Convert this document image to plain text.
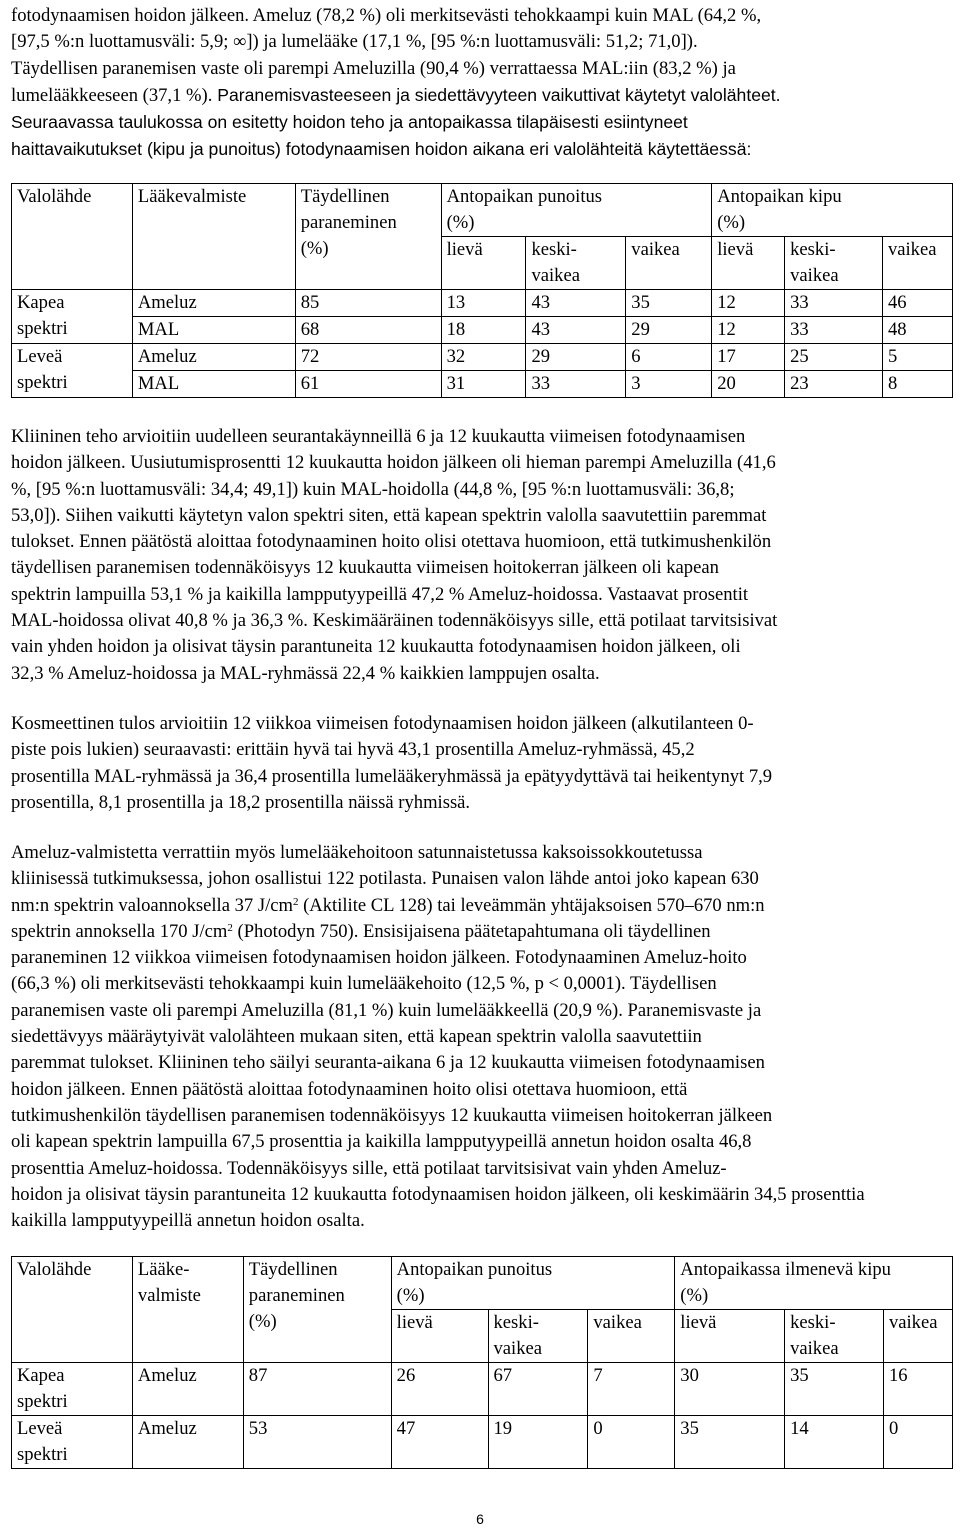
fotodynaamisen hoidon jälkeen. Ameluz (78,2 %) oli merkitsevästi tehokkaampi kuin MAL (64,2 %,
[97,5 %:n luottamusväli: 5,9; ∞]) ja lumelääke (17,1 %, [95 %:n luottamusväli: 51,2; 71,0]).
Täydellisen paranemisen vaste oli parempi Ameluzilla (90,4 %) verrattaessa MAL:iin (83,2 %) ja
lumelääkkeeseen (37,1 %). Paranemisvasteeseen ja siedettävyyteen vaikuttivat käytetyt valolähteet.
Seuraavassa taulukossa on esitetty hoidon teho ja antopaikassa tilapäisesti esiintyneet
haittavaikutukset (kipu ja punoitus) fotodynaamisen hoidon aikana eri valolähteitä käytettäessä:

Valolähde	Lääkevalmiste	Täydellinen
paraneminen
(%)	Antopaikan punoitus
(%)			Antopaikan kipu
(%)		
			lievä	keski-
vaikea	vaikea	lievä	keski-
vaikea	vaikea
Kapea
spektri	Ameluz	85	13	43	35	12	33	46
	MAL	68	18	43	29	12	33	48
Leveä
spektri	Ameluz	72	32	29	6	17	25	5
	MAL	61	31	33	3	20	23	8

Kliininen teho arvioitiin uudelleen seurantakäynneillä 6 ja 12 kuukautta viimeisen fotodynaamisen
hoidon jälkeen. Uusiutumisprosentti 12 kuukautta hoidon jälkeen oli hieman parempi Ameluzilla (41,6
%, [95 %:n luottamusväli: 34,4; 49,1]) kuin MAL-hoidolla (44,8 %, [95 %:n luottamusväli: 36,8;
53,0]). Siihen vaikutti käytetyn valon spektri siten, että kapean spektrin valolla saavutettiin paremmat
tulokset. Ennen päätöstä aloittaa fotodynaaminen hoito olisi otettava huomioon, että tutkimushenkilön
täydellisen paranemisen todennäköisyys 12 kuukautta viimeisen hoitokerran jälkeen oli kapean
spektrin lampuilla 53,1 % ja kaikilla lampputyypeillä 47,2 % Ameluz-hoidossa. Vastaavat prosentit
MAL-hoidossa olivat 40,8 % ja 36,3 %. Keskimääräinen todennäköisyys sille, että potilaat tarvitsisivat
vain yhden hoidon ja olisivat täysin parantuneita 12 kuukautta fotodynaamisen hoidon jälkeen, oli
32,3 % Ameluz-hoidossa ja MAL-ryhmässä 22,4 % kaikkien lamppujen osalta.

Kosmeettinen tulos arvioitiin 12 viikkoa viimeisen fotodynaamisen hoidon jälkeen (alkutilanteen 0-
piste pois lukien) seuraavasti: erittäin hyvä tai hyvä 43,1 prosentilla Ameluz-ryhmässä, 45,2
prosentilla MAL-ryhmässä ja 36,4 prosentilla lumelääkeryhmässä ja epätyydyttävä tai heikentynyt 7,9
prosentilla, 8,1 prosentilla ja 18,2 prosentilla näissä ryhmissä.

Ameluz-valmistetta verrattiin myös lumelääkehoitoon satunnaistetussa kaksoissokkoutetussa
kliinisessä tutkimuksessa, johon osallistui 122 potilasta. Punaisen valon lähde antoi joko kapean 630
nm:n spektrin valoannoksella 37 $J/cm^2$ (Aktilite CL 128) tai leveämmän yhtäjaksoisen 570–670 nm:n
spektrin annoksella 170 $J/cm^2$ (Photodyn 750). Ensisijaisena päätetapahtumana oli täydellinen
paraneminen 12 viikkoa viimeisen fotodynaamisen hoidon jälkeen. Fotodynaaminen Ameluz-hoito
(66,3 %) oli merkitsevästi tehokkaampi kuin lumelääkehoito (12,5 %, p < 0,0001). Täydellisen
paranemisen vaste oli parempi Ameluzilla (81,1 %) kuin lumelääkkeellä (20,9 %). Paranemisvaste ja
siedettävyys määräytyivät valolähteen mukaan siten, että kapean spektrin valolla saavutettiin
paremmat tulokset. Kliininen teho säilyi seuranta-aikana 6 ja 12 kuukautta viimeisen fotodynaamisen
hoidon jälkeen. Ennen päätöstä aloittaa fotodynaaminen hoito olisi otettava huomioon, että
tutkimushenkilön täydellisen paranemisen todennäköisyys 12 kuukautta viimeisen hoitokerran jälkeen
oli kapean spektrin lampuilla 67,5 prosenttia ja kaikilla lampputyypeillä annetun hoidon osalta 46,8
prosenttia Ameluz-hoidossa. Todennäköisyys sille, että potilaat tarvitsisivat vain yhden Ameluz-
hoidon ja olisivat täysin parantuneita 12 kuukautta fotodynaamisen hoidon jälkeen, oli keskimäärin 34,5 prosenttia
kaikilla lampputyypeillä annetun hoidon osalta.

Valolähde	Lääke-
valmiste	Täydellinen
paraneminen
(%)	Antopaikan punoitus
(%)			Antopaikassa ilmenevä kipu
(%)		
			lievä	keski-
vaikea	vaikea	lievä	keski-
vaikea	vaikea
Kapea
spektri	Ameluz	87	26	67	7	30	35	16
Leveä
spektri	Ameluz	53	47	19	0	35	14	0
6
